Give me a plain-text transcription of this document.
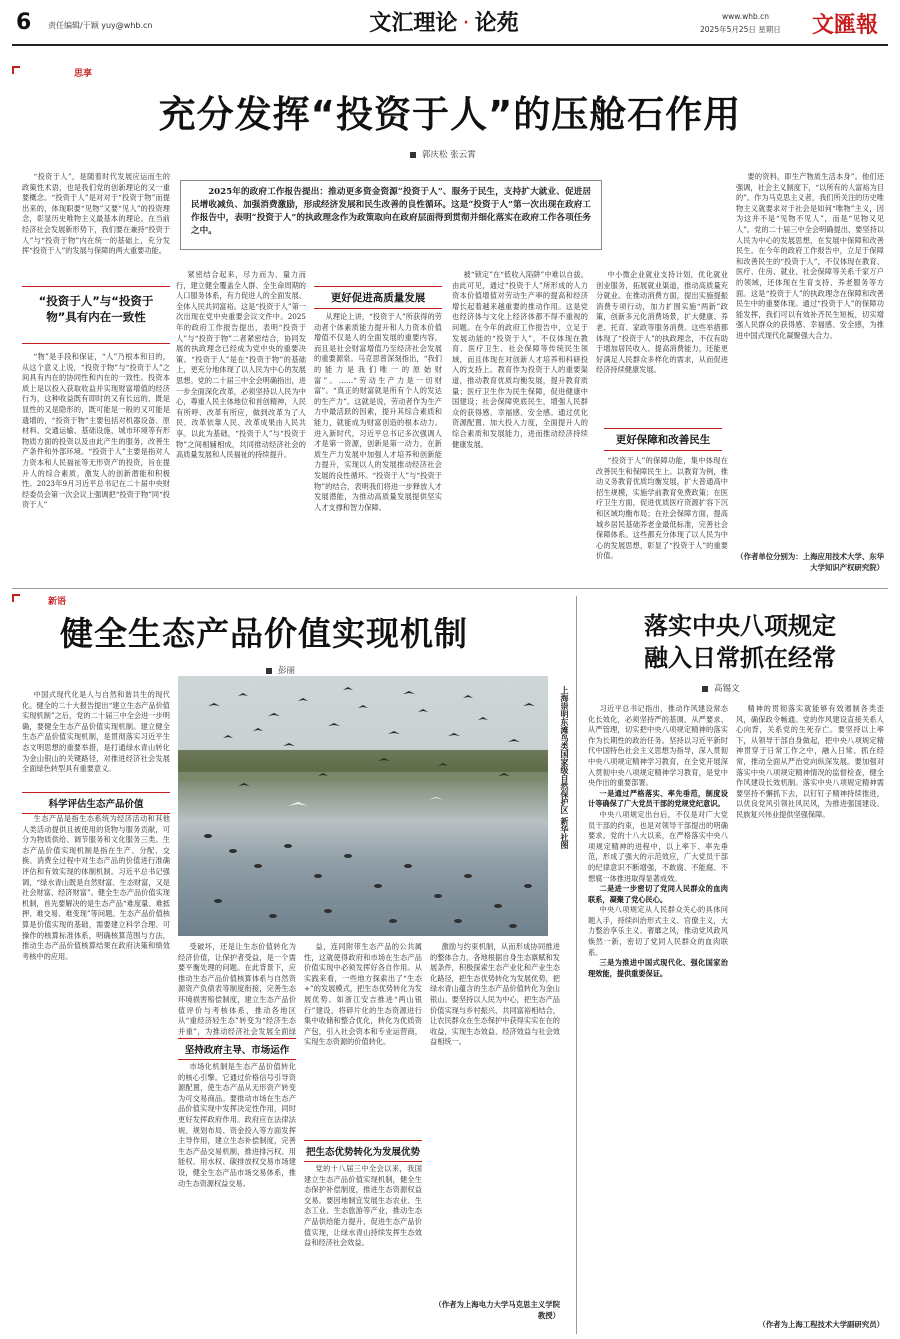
6 责任编辑/于颖 yuy@whb.cn	文汇理论 · 论苑	www.whb.cn
2025年5月25日 星期日 文匯報
思享
充分发挥“投资于人”的压舱石作用
郭庆松 张云霄
2025年的政府工作报告提出：推动更多资金资源“投资于人”、服务于民生，支持扩大就业、促进居民增收减负、加强消费激励，形成经济发展和民生改善的良性循环。这是“投资于人”第一次出现在政府工作报告中，表明“投资于人”的执政理念作为政策取向在政府层面得到贯彻并细化落实在政府工作各项任务之中。

“投资于人”，是随着时代发展应运而生的政策性术语，也是我们党的创新理论的又一重要概念。“投资于人”是对对于“投资于物”而提出来的，体现职要“见物”又要“见人”的投资理念，彰显历史唯物主义最基本的理论。在当前经济社会发展新形势下，我们要在兼持“投资于人”与“投资于物”内在统一的基础上，充分发挥“投资于人”的发展与保障的两大重要功能。

“投资于人”与“投资于物”具有内在一致性

“物”是手段和保证，“人”乃根本和目的，从这个意义上说，“投资于物”与“投资于人”之间具有内在的协同性和内在的一致性。投资本质上是以投入获取收益并实现财富增值的经济行为，这种收益既有即时的又有长远的，既是显性的又是隐形的，既可能是一般的又可能是遗增的，“投资于物”主要包括对机器设备、原材料、交通运输、基础设施、城市环境等有形物质方面的投资以及由此产生的服务，改善生产条件和外部环境。“投资于人”主要是指对人力资本和人民福祉等无形资产的投资，旨在提升人的综合素质，激发人的创新潜能和积极性。2023年9月习近平总书记在二十届中央财经委员会第一次会议上强调把“投资于物”同“投资于人”

紧密结合起来，尽力而为、量力而行，建立健全覆盖全人群、全生命周期的人口服务体系，有力促进人的全面发展、全体人民共同富裕。这是“投资于人”第一次出现在党中央重要会议文件中。2025年的政府工作报告提出，表明“投资于人”与“投资于物”二者紧密结合，协同发展的执政理念已经成为党中央的重要决策。“投资于人”是在“投资于物”的基础上，更充分地体现了以人民为中心的发展思想。党的二十届三中全会明确指出，进一步全面深化改革，必须坚持以人民为中心，尊重人民主体地位和首创精神，人民有所呼、改革有所应，做到改革为了人民、改革依靠人民、改革成果由人民共享。以此为基础，“投资于人”与“投资于物”之间相辅相成，共同推动经济社会的高质量发展和人民福祉的持续提升。

更好促进高质量发展

从理论上讲，“投资于人”所获得的劳动者个体素质能力提升和人力资本价值增值不仅是人的全面发展的重要内容，而且是社会财富增值乃至经济社会发展的重要源泉。马克思曾深刻指出，“我们的能力是我们唯一的原始财富”。……“劳动生产力是一切财富”。“真正的财富就是所有个人的发达的生产力”。这就是说，劳动者作为生产力中最活跃的因素，提升其综合素质和能力，就能成为财富创造的根本动力。进入新时代，习近平总书记多次强调人才是第一资源，创新是第一动力，在新质生产力发展中加强人才培养和创新能力提升，实现以人的发展推动经济社会发展的良性循环。“投资于人”与“投资于物”的结合，表明我们将进一步释放人才发展潜能，为推动高质量发展提供坚实人才支撑和智力保障。

被“锁定”在“低收入陷阱”中难以自拔。由此可见，通过“投资于人”所形成的人力资本价值增值对劳动生产率的提高和经济增长起着越来越重要的推动作用。这是党也经济体与文化上经济体都不得不重视的问题。在今年的政府工作报告中，立足于发展动能的“投资于人”，不仅体现在教育、医疗卫生、社会保障等传统民生领域，而且体现在对创新人才培养和科研投入的支持上。教育作为投资于人的重要渠道，推动教育优质均衡发展，提升教育质量；医疗卫生作为民生保障，促进健康中国建设；社会保障兜底民生，增强人民群众的获得感、幸福感、安全感。通过优化资源配置、加大投入力度，全面提升人的综合素质和发展能力，进而推动经济持续健康发展。

中小微企业就业支持计划，优化就业创业服务，拓展就业渠道，推动高质量充分就业。在推动消费方面，提出实施提振消费专项行动，加力扩围实施“两新”政策，创新多元化消费场景，扩大健康、养老、托育、家政等服务消费。这些举措都体现了“投资于人”的执政理念，不仅有助于增加居民收入、提高消费能力，还能更好满足人民群众多样化的需求，从而促进经济持续健康发展。

更好保障和改善民生

“投资于人”的保障功能，集中体现在改善民生和保障民生上。以教育为例，推动义务教育优质均衡发展，扩大普通高中招生规模，实施学前教育免费政策；在医疗卫生方面，促进优质医疗资源扩容下沉和区域均衡布局；在社会保障方面，提高城乡居民基础养老金最低标准，完善社会保障体系。这些都充分体现了以人民为中心的发展思想，彰显了“投资于人”的重要价值。

要的资料，即生产物质生活本身”。他们还强调，社会主义制度下，“以所有的人富裕为目的”。作为马克思主义者，我们所关注的历史唯物主义就要求对于社会是如何“唯物”主义，因为这并不是“见物不见人”，而是“见物又见人”。党的二十届三中全会明确提出，要坚持以人民为中心的发展思想，在发展中保障和改善民生。在今年的政府工作报告中，立足于保障和改善民生的“投资于人”，不仅体现在教育、医疗、住房、就业、社会保障等关系千家万户的领域，还体现在生育支持、养老服务等方面。这是“投资于人”的执政理念在保障和改善民生中的重要体现。通过“投资于人”的保障功能发挥，我们可以有效补齐民生短板，切实增强人民群众的获得感、幸福感、安全感，为推进中国式现代化凝聚强大合力。

（作者单位分别为：上海应用技术大学、东华大学知识产权研究院）
新语
健全生态产品价值实现机制
彭丽
上海崇明东滩鸟类国家级自然保护区 新华社图

中国式现代化是人与自然和谐共生的现代化。健全的二十大报告提出“建立生态产品价值实现机制”之后，党的二十届三中全会进一步明确，要健全生态产品价值实现机制。建立健全生态产品价值实现机制，是贯彻落实习近平生态文明思想的重要举措，是打通绿水青山转化为金山银山的关键路径，对推进经济社会发展全面绿色转型具有重要意义。

科学评估生态产品价值

生态产品是指生态系统为经济活动和其他人类活动提供且被使用的货物与服务贡献，可分为物质供给、调节服务和文化服务三类。生态产品价值实现机制是指在生产、分配、交换、消费全过程中对生态产品的价值进行准确评估和有效实现的体制机制。习近平总书记强调，“绿水青山既是自然财富、生态财富，又是社会财富、经济财富”。健全生态产品价值实现机制，首先要解决的是生态产品“难度量、难抵押、难交易、难变现”等问题。生态产品价值核算是价值实现的基础，需要建立科学合理、可操作的核算标准体系，明确核算范围与方法，推动生态产品价值核算结果在政府决策和绩效考核中的应用。

受破坏，还是让生态价值转化为经济价值，让保护者受益，是一个需要平衡处理的问题。在此背景下，应推动生态产品价值核算体系与自然资源资产负债表等制度衔接，完善生态环境损害赔偿制度，建立生态产品价值评价与考核体系，推动各地区从“重经济轻生态”转变为“经济生态并重”，为推动经济社会发展全面绿

坚持政府主导、市场运作

市场化机制是生态产品价值转化的核心引擎。它通过价格信号引导资源配置，使生态产品从无形资产转变为可交易商品。要推动市场在生态产品价值实现中发挥决定性作用，同时更好发挥政府作用。政府应在法律法规、规划布局、资金投入等方面发挥主导作用，建立生态补偿制度，完善生态产品交易机制，推进排污权、用能权、用水权、碳排放权交易市场建设，健全生态产品市场交易体系，推动生态资源权益交易。

益，连同附带生态产品的公共属性，这就使得政府和市场在生态产品价值实现中必须发挥好各自作用。从实践来看，一些地方探索出了“生态+”的发展模式，把生态优势转化为发展优势。如浙江安吉推进“两山银行”建设，将碎片化的生态资源进行集中收储和整合优化，转化为优质资产包，引入社会资本和专业运营商，实现生态资源的价值转化。

把生态优势转化为发展优势

党的十八届三中全会以来，我国建立生态产品价值实现机制，健全生态保护补偿制度，推进生态资源权益交易。要因地制宜发展生态农业、生态工业、生态旅游等产业，推动生态产品供给能力提升，促进生态产品价值实现，让绿水青山持续发挥生态效益和经济社会效益。

激励与约束机制，从而形成协同推进的整体合力。各地根据自身生态禀赋和发展条件，积极探索生态产业化和产业生态化路径，把生态优势转化为发展优势，把绿水青山蕴含的生态产品价值转化为金山银山。要坚持以人民为中心，把生态产品价值实现与乡村振兴、共同富裕相结合，让农民群众在生态保护中获得实实在在的收益，实现生态效益、经济效益与社会效益相统一。

（作者为上海电力大学马克思主义学院教授）
落实中央八项规定
融入日常抓在经常
高锡文

习近平总书记指出，推动作风建设常态化长效化，必须坚持严的基调，从严要求、从严管理，切实把中央八项规定精神的落实作为长期性的政治任务。坚持以习近平新时代中国特色社会主义思想为指导，深入贯彻中央八项规定精神学习教育，在全党开展深入贯彻中央八项规定精神学习教育，是党中央作出的重要部署。

一是通过严格落实、率先垂范，制度设计等确保了广大党员干部的党规党纪意识。

中央八项规定出台后，不仅是对广大党员干部的约束，也是对领导干部提出的明确要求。党的十八大以来，在严格落实中央八项规定精神的进程中，以上率下、率先垂范，形成了强大的示范效应，广大党员干部的纪律意识不断增强，不敢腐、不能腐、不想腐一体推进取得显著成效。

二是进一步密切了党同人民群众的血肉联系，凝聚了党心民心。

中央八项规定从人民群众关心的具体问题入手，持续纠治形式主义、官僚主义，大力整治享乐主义、奢靡之风，推动党风政风焕然一新，密切了党同人民群众的血肉联系。

三是为推进中国式现代化、强化国家治理效能，提供重要保证。

精神的贯彻落实就能够有效遏制各类歪风，确保政令畅通。党的作风建设直接关系人心向背，关系党的生死存亡。要坚持以上率下，从领导干部自身做起，把中央八项规定精神贯穿于日常工作之中，融入日常、抓在经常，推动全面从严治党向纵深发展。要加强对落实中央八项规定精神情况的监督检查，健全作风建设长效机制。落实中央八项规定精神需要坚持不懈抓下去，以钉钉子精神持续推进，以优良党风引领社风民风，为推进强国建设、民族复兴伟业提供坚强保障。

（作者为上海工程技术大学副研究员）
